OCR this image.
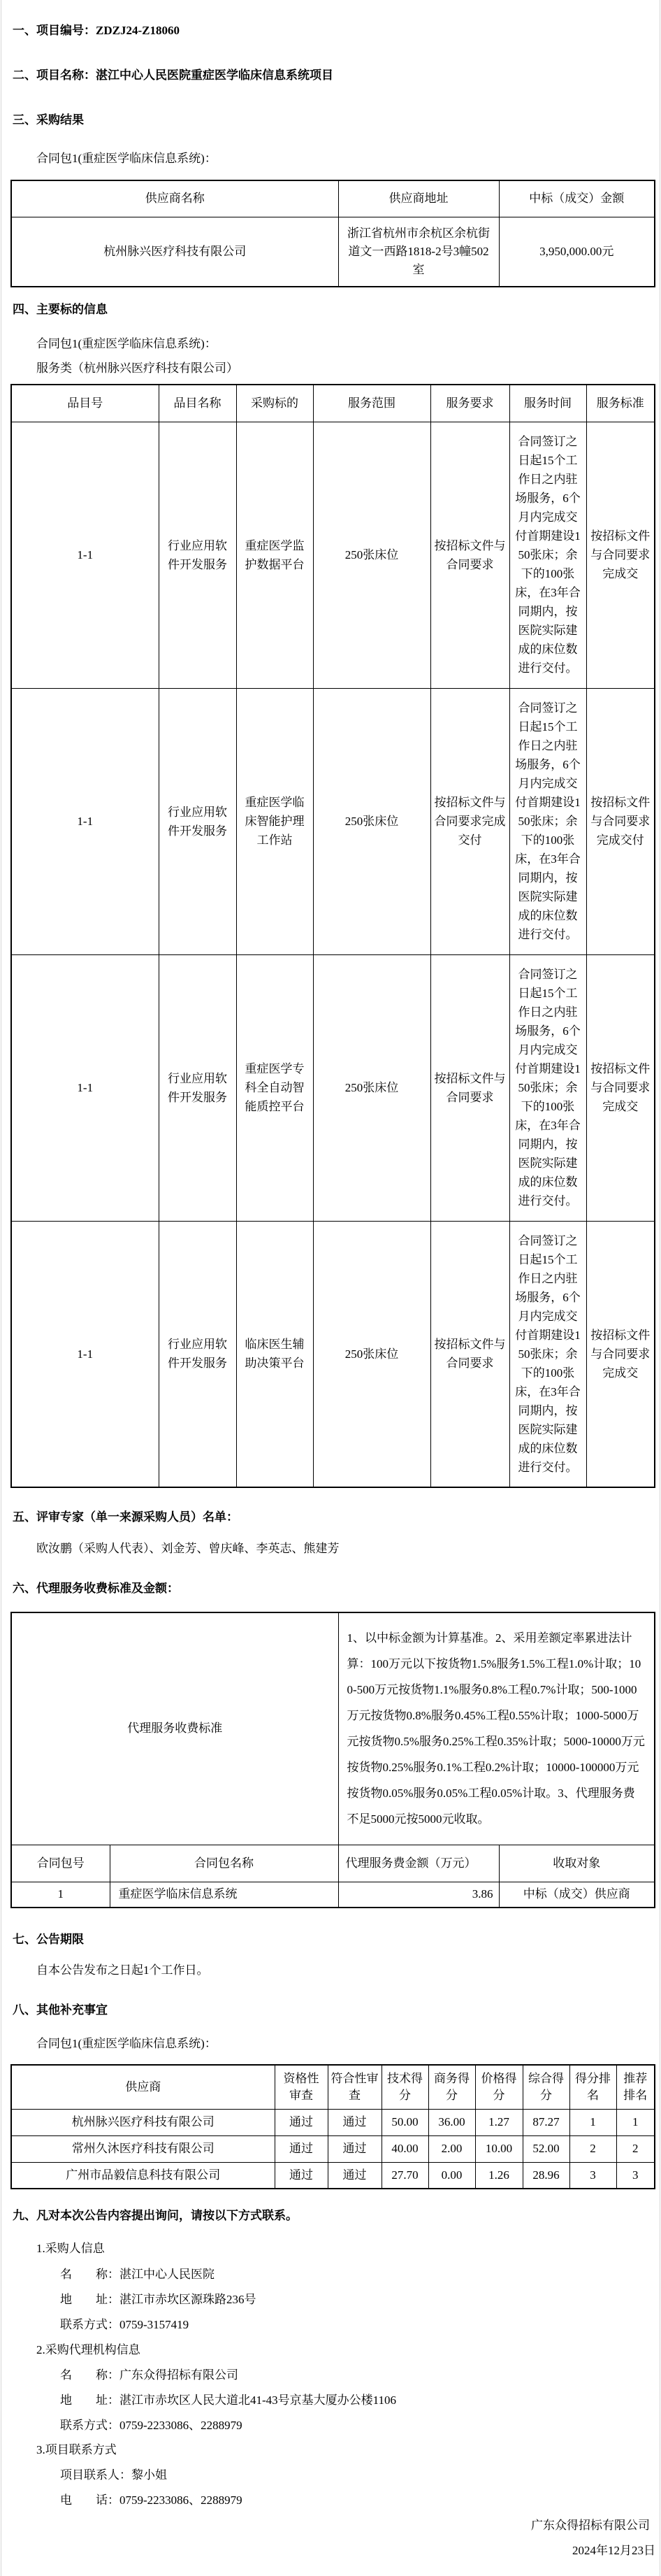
一、项目编号：ZDZJ24-Z18060
二、项目名称：湛江中心人民医院重症医学临床信息系统项目
三、采购结果
合同包1(重症医学临床信息系统)：
供应商名称	供应商地址	中标（成交）金额
杭州脉兴医疗科技有限公司	浙江省杭州市余杭区余杭街道文一西路1818-2号3幢502室	3,950,000.00元
四、主要标的信息
合同包1(重症医学临床信息系统)：
服务类（杭州脉兴医疗科技有限公司）
品目号	品目名称	采购标的	服务范围	服务要求	服务时间	服务标准
1-1	行业应用软件开发服务	重症医学监护数据平台	250张床位	按招标文件与合同要求	合同签订之日起15个工作日之内驻场服务，6个月内完成交付首期建设150张床；余下的100张床，在3年合同期内，按医院实际建成的床位数进行交付。	按招标文件与合同要求完成交
1-1	行业应用软件开发服务	重症医学临床智能护理工作站	250张床位	按招标文件与合同要求完成交付	合同签订之日起15个工作日之内驻场服务，6个月内完成交付首期建设150张床；余下的100张床，在3年合同期内，按医院实际建成的床位数进行交付。	按招标文件与合同要求完成交付
1-1	行业应用软件开发服务	重症医学专科全自动智能质控平台	250张床位	按招标文件与合同要求	合同签订之日起15个工作日之内驻场服务，6个月内完成交付首期建设150张床；余下的100张床，在3年合同期内，按医院实际建成的床位数进行交付。	按招标文件与合同要求完成交
1-1	行业应用软件开发服务	临床医生辅助决策平台	250张床位	按招标文件与合同要求	合同签订之日起15个工作日之内驻场服务，6个月内完成交付首期建设150张床；余下的100张床，在3年合同期内，按医院实际建成的床位数进行交付。	按招标文件与合同要求完成交
五、评审专家（单一来源采购人员）名单：
欧汝鹏（采购人代表）、刘金芳、曾庆峰、李英志、熊建芳
六、代理服务收费标准及金额：
代理服务收费标准		1、以中标金额为计算基准。2、采用差额定率累进法计算：100万元以下按货物1.5%服务1.5%工程1.0%计取；100-500万元按货物1.1%服务0.8%工程0.7%计取；500-1000万元按货物0.8%服务0.45%工程0.55%计取；1000-5000万元按货物0.5%服务0.25%工程0.35%计取；5000-10000万元按货物0.25%服务0.1%工程0.2%计取；10000-100000万元按货物0.05%服务0.05%工程0.05%计取。3、代理服务费不足5000元按5000元收取。	
合同包号	合同包名称	代理服务费金额（万元）	收取对象
1	重症医学临床信息系统	3.86	中标（成交）供应商
七、公告期限
自本公告发布之日起1个工作日。
八、其他补充事宜
合同包1(重症医学临床信息系统)：
供应商	资格性审查	符合性审查	技术得分	商务得分	价格得分	综合得分	得分排名	推荐排名
杭州脉兴医疗科技有限公司	通过	通过	50.00	36.00	1.27	87.27	1	1
常州久沐医疗科技有限公司	通过	通过	40.00	2.00	10.00	52.00	2	2
广州市品毅信息科技有限公司	通过	通过	27.70	0.00	1.26	28.96	3	3
九、凡对本次公告内容提出询问，请按以下方式联系。
1.采购人信息
名　　称：湛江中心人民医院
地　　址：湛江市赤坎区源珠路236号
联系方式：0759-3157419
2.采购代理机构信息
名　　称：广东众得招标有限公司
地　　址：湛江市赤坎区人民大道北41-43号京基大厦办公楼1106
联系方式：0759-2233086、2288979
3.项目联系方式
项目联系人：黎小姐
电　　话：0759-2233086、2288979
广东众得招标有限公司
2024年12月23日
